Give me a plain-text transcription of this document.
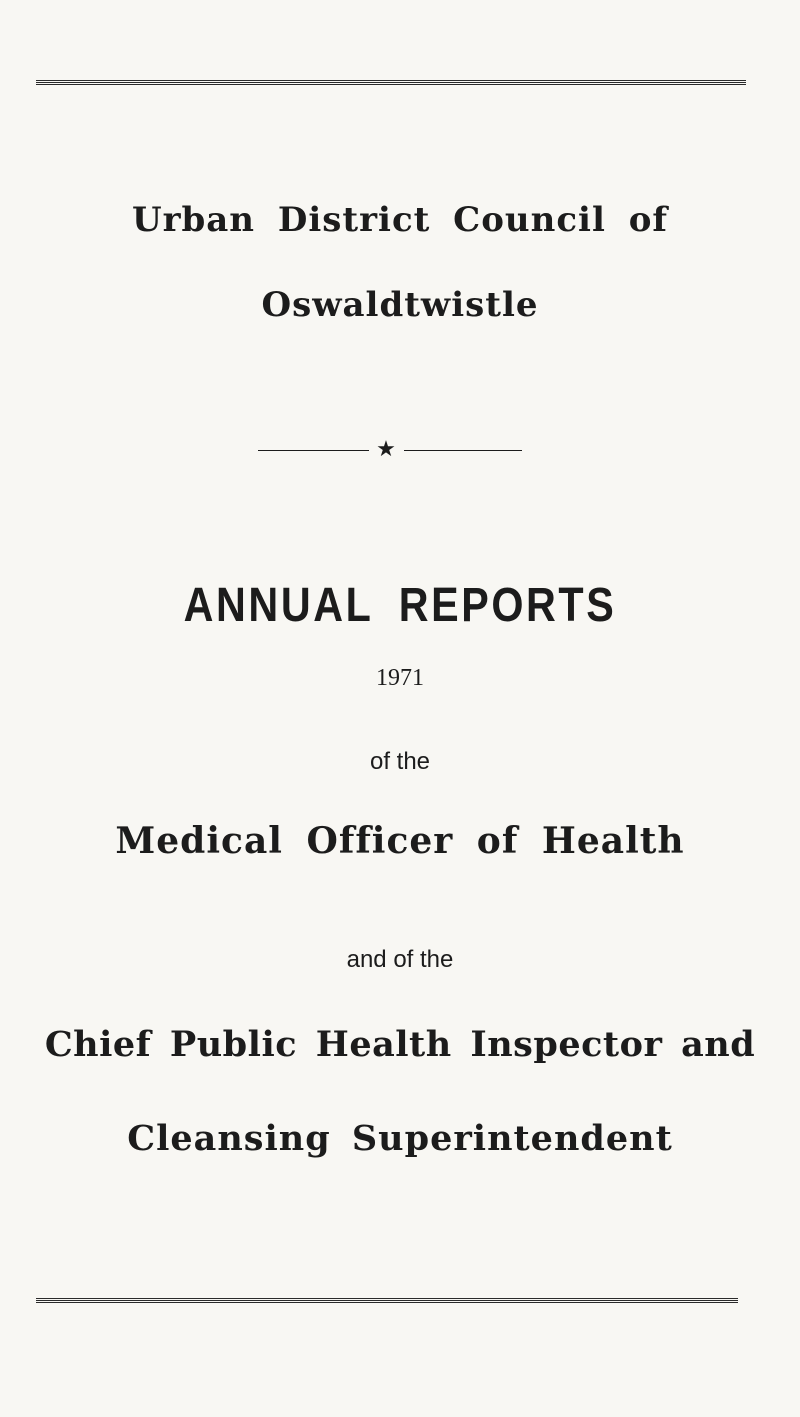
Urban District Council of
Oswaldtwistle
★
ANNUAL REPORTS
1971
of the
Medical Officer of Health
and of the
Chief Public Health Inspector and
Cleansing Superintendent
